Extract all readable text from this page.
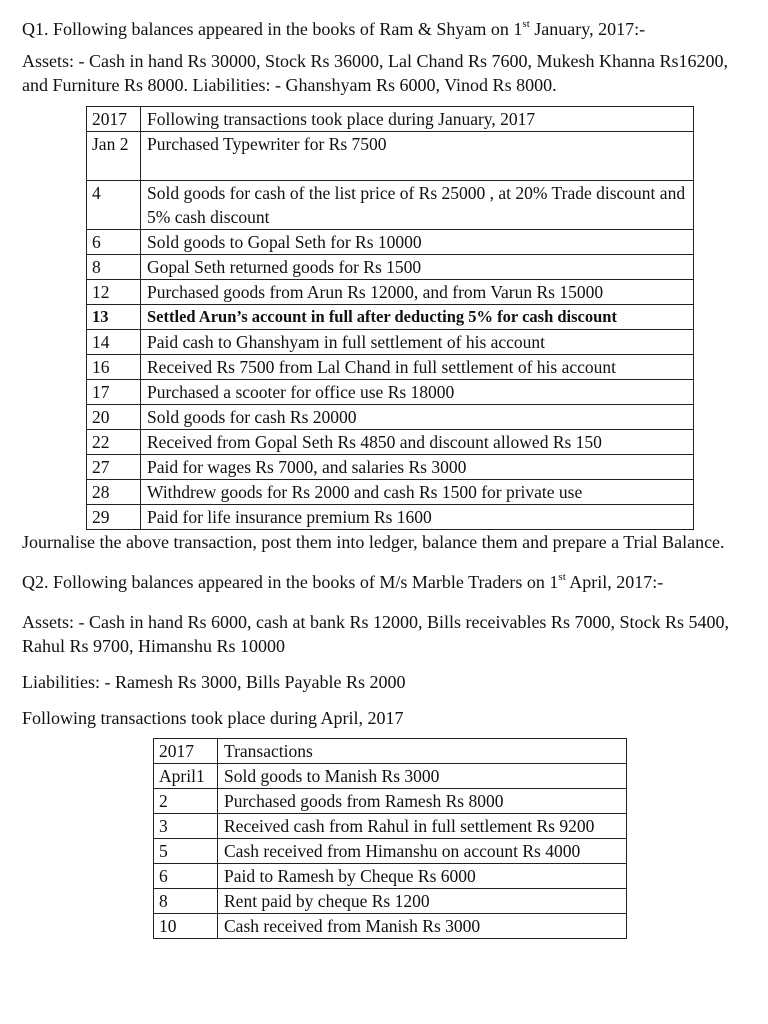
Q1. Following balances appeared in the books of Ram & Shyam on 1st January, 2017:-

Assets: - Cash in hand Rs 30000, Stock Rs 36000, Lal Chand Rs 7600, Mukesh Khanna Rs16200, and Furniture Rs 8000. Liabilities: - Ghanshyam Rs 6000, Vinod Rs 8000.

2017	Following transactions took place during January, 2017
Jan 2	Purchased Typewriter for Rs 7500
4	Sold goods for cash of the list price of Rs 25000 , at 20% Trade discount and 5% cash discount
6	Sold goods to Gopal Seth for Rs 10000
8	Gopal Seth returned goods for Rs 1500
12	Purchased goods from Arun Rs 12000, and from Varun Rs 15000
13	Settled Arun’s account in full after deducting 5% for cash discount
14	Paid cash to Ghanshyam in full settlement of his account
16	Received Rs 7500 from Lal Chand in full settlement of his account
17	Purchased a scooter for office use Rs 18000
20	Sold goods for cash Rs 20000
22	Received from Gopal Seth Rs 4850 and discount allowed Rs 150
27	Paid for wages Rs 7000, and salaries Rs 3000
28	Withdrew goods for Rs 2000 and cash Rs 1500 for private use
29	Paid for life insurance premium Rs 1600

Journalise the above transaction, post them into ledger, balance them and prepare a Trial Balance.

Q2. Following balances appeared in the books of M/s Marble Traders on 1st April, 2017:-

Assets: - Cash in hand Rs 6000, cash at bank Rs 12000, Bills receivables Rs 7000, Stock Rs 5400, Rahul Rs 9700, Himanshu Rs 10000

Liabilities: - Ramesh Rs 3000, Bills Payable Rs 2000

Following transactions took place during April, 2017

2017	Transactions
April1	Sold goods to Manish Rs 3000
2	Purchased goods from Ramesh Rs 8000
3	Received cash from Rahul in full settlement Rs 9200
5	Cash received from Himanshu on account Rs 4000
6	Paid to Ramesh by Cheque Rs 6000
8	Rent paid by cheque Rs 1200
10	Cash received from Manish Rs 3000
